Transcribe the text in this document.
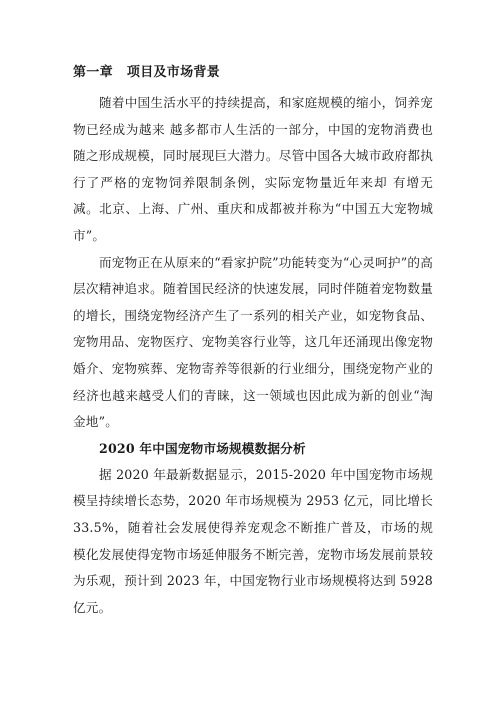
第一章 项目及市场背景

随着中国生活水平的持续提高，和家庭规模的缩小，饲养宠物已经成为越来 越多都市人生活的一部分，中国的宠物消费也随之形成规模，同时展现巨大潜力。尽管中国各大城市政府都执行了严格的宠物饲养限制条例，实际宠物量近年来却 有增无减。北京、上海、广州、重庆和成都被并称为“中国五大宠物城市”。

而宠物正在从原来的“看家护院”功能转变为“心灵呵护”的高层次精神追求。随着国民经济的快速发展，同时伴随着宠物数量的增长，围绕宠物经济产生了一系列的相关产业，如宠物食品、宠物用品、宠物医疗、宠物美容行业等，这几年还涌现出像宠物婚介、宠物殡葬、宠物寄养等很新的行业细分，围绕宠物产业的经济也越来越受人们的青睐，这一领域也因此成为新的创业“淘金地”。

2020 年中国宠物市场规模数据分析

据 2020 年最新数据显示，2015-2020 年中国宠物市场规模呈持续增长态势，2020 年市场规模为 2953 亿元，同比增长 33.5%，随着社会发展使得养宠观念不断推广普及，市场的规模化发展使得宠物市场延伸服务不断完善，宠物市场发展前景较为乐观，预计到 2023 年，中国宠物行业市场规模将达到 5928 亿元。
